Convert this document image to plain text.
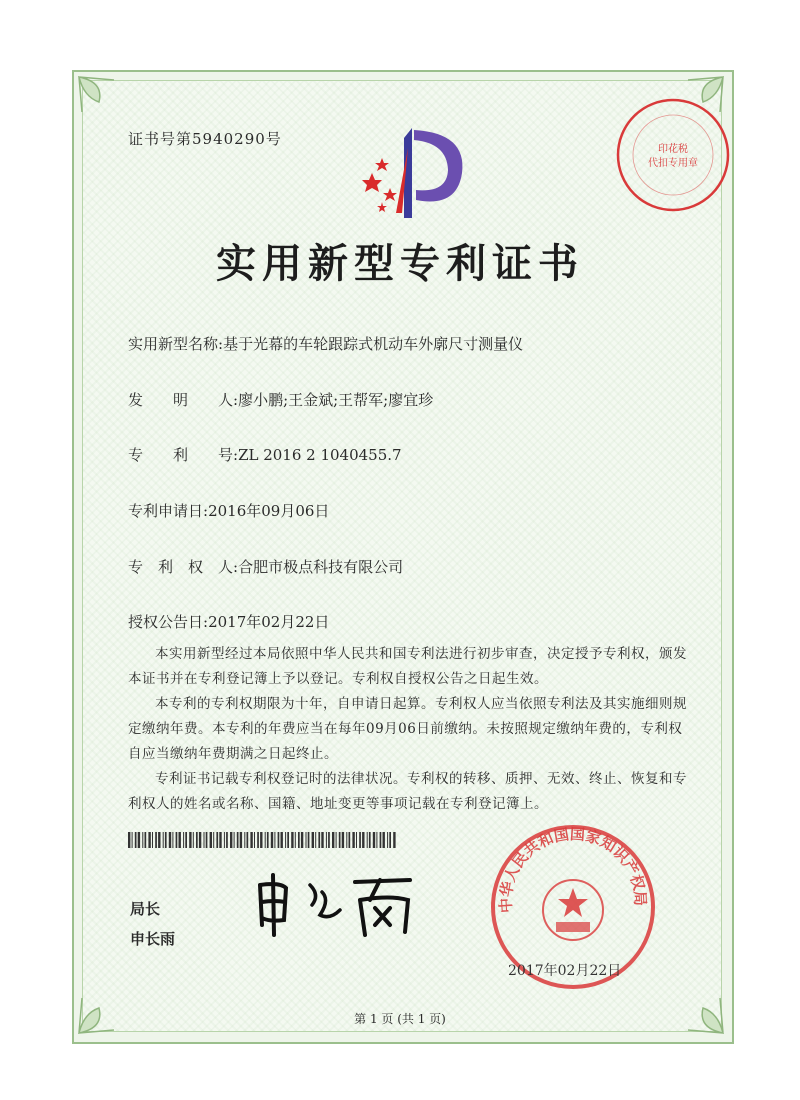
证书号第5940290号
印花税
代扣专用章
实用新型专利证书
实用新型名称:基于光幕的车轮跟踪式机动车外廓尺寸测量仪
发　　明　　人:廖小鹏;王金斌;王帮军;廖宜珍
专　　利　　号:ZL 2016 2 1040455.7
专利申请日:2016年09月06日
专　利　权　人:合肥市极点科技有限公司
授权公告日:2017年02月22日

本实用新型经过本局依照中华人民共和国专利法进行初步审查，决定授予专利权，颁发本证书并在专利登记簿上予以登记。专利权自授权公告之日起生效。

本专利的专利权期限为十年，自申请日起算。专利权人应当依照专利法及其实施细则规定缴纳年费。本专利的年费应当在每年09月06日前缴纳。未按照规定缴纳年费的，专利权自应当缴纳年费期满之日起终止。

专利证书记载专利权登记时的法律状况。专利权的转移、质押、无效、终止、恢复和专利权人的姓名或名称、国籍、地址变更等事项记载在专利登记簿上。

局长
申长雨
中华人民共和国国家知识产权局
2017年02月22日
第 1 页 (共 1 页)
